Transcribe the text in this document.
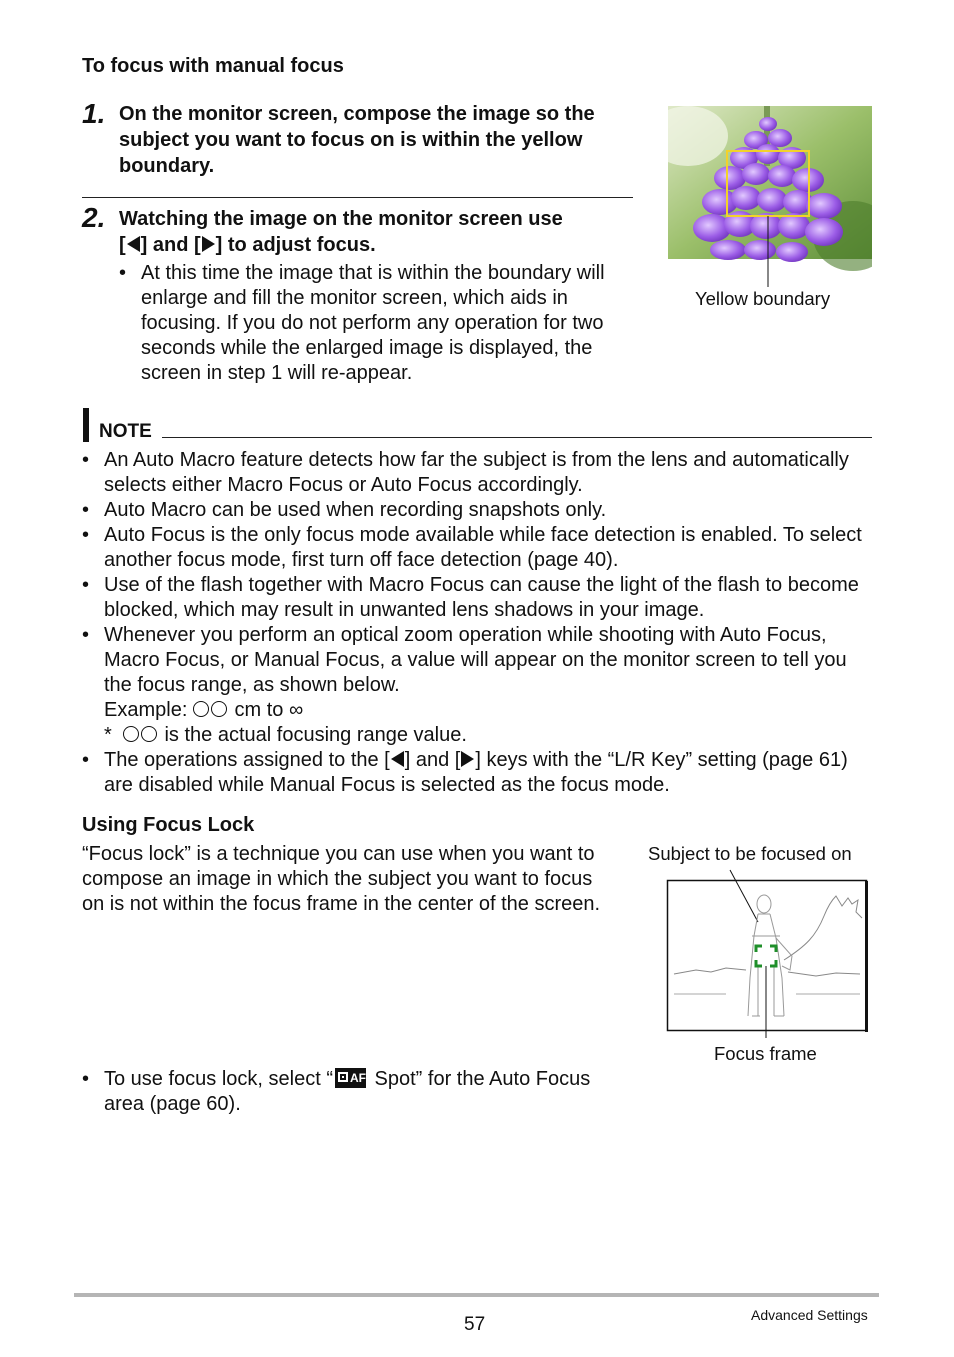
To focus with manual focus
1. On the monitor screen, compose the image so the subject you want to focus on is within the yellow boundary.
2. Watching the image on the monitor screen use
[ ] and [ ] to adjust focus.
• At this time the image that is within the boundary will enlarge and fill the monitor screen, which aids in focusing. If you do not perform any operation for two seconds while the enlarged image is displayed, the screen in step 1 will re-appear.
Yellow boundary
NOTE
• An Auto Macro feature detects how far the subject is from the lens and automatically selects either Macro Focus or Auto Focus accordingly.
• Auto Macro can be used when recording snapshots only.
• Auto Focus is the only focus mode available while face detection is enabled. To select another focus mode, first turn off face detection (page 40).
• Use of the flash together with Macro Focus can cause the light of the flash to become blocked, which may result in unwanted lens shadows in your image.
• Whenever you perform an optical zoom operation while shooting with Auto Focus, Macro Focus, or Manual Focus, a value will appear on the monitor screen to tell you the focus range, as shown below.
Example: cm to ∞
*	is the actual focusing range value.
• The operations assigned to the [ ] and [ ] keys with the “L/R Key” setting (page 61) are disabled while Manual Focus is selected as the focus mode.
Using Focus Lock
“Focus lock” is a technique you can use when you want to compose an image in which the subject you want to focus on is not within the focus frame in the center of the screen.
• To use focus lock, select “ AF Spot” for the Auto Focus area (page 60).
Subject to be focused on
Focus frame
57	Advanced Settings
